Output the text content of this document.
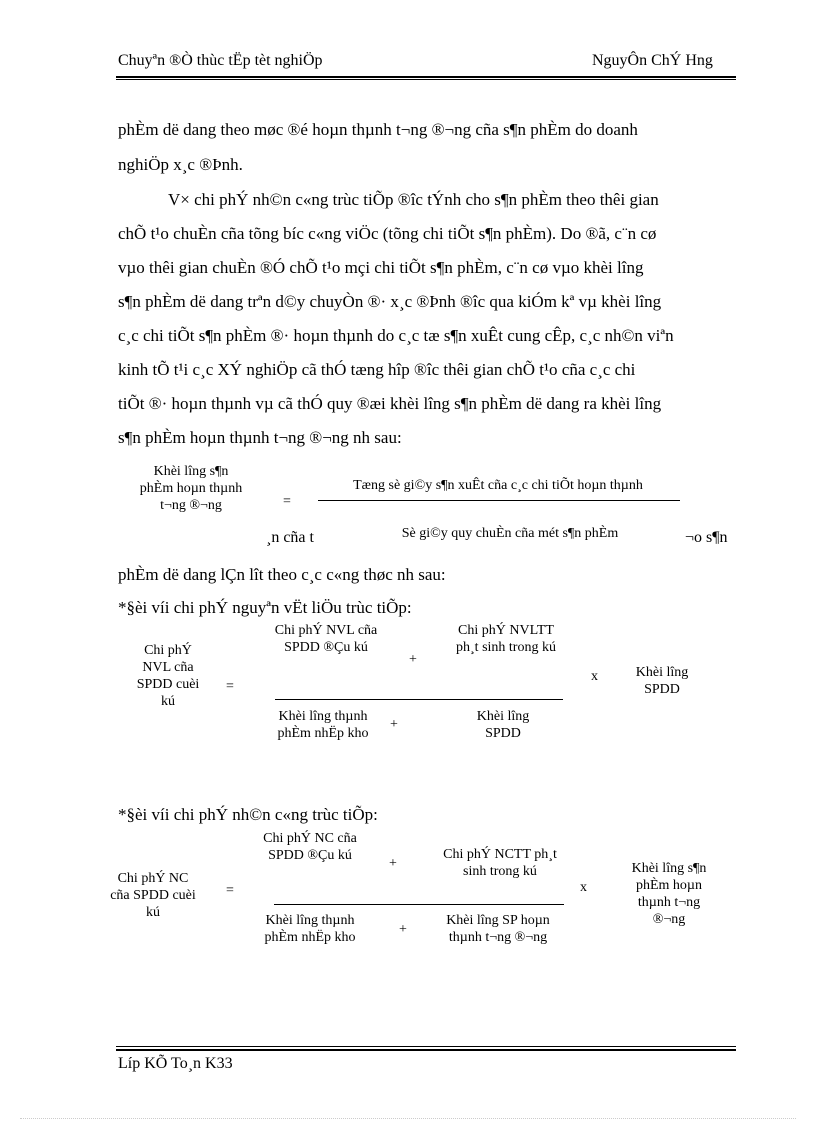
Chuyªn ®Ò thùc tËp tèt nghiÖp	NguyÔn ChÝ Hng
phÈm dë dang theo møc ®é hoµn thµnh t¬ng ®¬ng cña s¶n phÈm do doanh
nghiÖp x¸c ®Þnh.
V× chi phÝ nh©n c«ng trùc tiÕp ®îc tÝnh cho s¶n phÈm theo thêi gian
chÕ t¹o chuÈn cña tõng bíc c«ng viÖc (tõng chi tiÕt s¶n phÈm). Do ®ã, c¨n cø
vµo thêi gian chuÈn ®Ó chÕ t¹o mçi chi tiÕt s¶n phÈm, c¨n cø vµo khèi lîng
s¶n phÈm dë dang trªn d©y chuyÒn ®· x¸c ®Þnh ®îc qua kiÓm kª vµ khèi lîng
c¸c chi tiÕt s¶n phÈm ®· hoµn thµnh do c¸c tæ s¶n xuÊt cung cÊp, c¸c nh©n viªn
kinh tÕ t¹i c¸c XÝ nghiÖp cã thÓ tæng hîp ®îc thêi gian chÕ t¹o cña c¸c chi
tiÕt ®· hoµn thµnh vµ cã thÓ quy ®æi khèi lîng s¶n phÈm dë dang ra khèi lîng
s¶n phÈm hoµn thµnh t¬ng ®¬ng nh sau:
Khèi lîng s¶n
phÈm hoµn thµnh
t¬ng ®¬ng	=
Tæng sè gi©y s¶n xuÊt cña c¸c chi tiÕt hoµn thµnh
Sè gi©y quy chuÈn cña mét s¶n phÈm
¸n cña t	¬o s¶n
phÈm dë dang lÇn lît theo c¸c c«ng thøc nh sau:
*§èi víi chi phÝ nguyªn vËt liÖu trùc tiÕp:
Chi phÝ
NVL cña
SPDD cuèi
kú
=
Chi phÝ NVL cña
SPDD ®Çu kú
+
Chi phÝ NVLTT
ph¸t sinh trong kú
Khèi lîng thµnh
phÈm nhËp kho
+
Khèi lîng
SPDD
x	Khèi lîng
SPDD
*§èi víi chi phÝ nh©n c«ng trùc tiÕp:
Chi phÝ NC
cña SPDD cuèi
kú
=
Chi phÝ NC cña
SPDD ®Çu kú
+
Chi phÝ NCTT ph¸t
sinh trong kú
Khèi lîng thµnh
phÈm nhËp kho
+
Khèi lîng SP hoµn
thµnh t¬ng ®¬ng
x
Khèi lîng s¶n
phÈm hoµn
thµnh t¬ng
®¬ng
Líp KÕ To¸n K33
